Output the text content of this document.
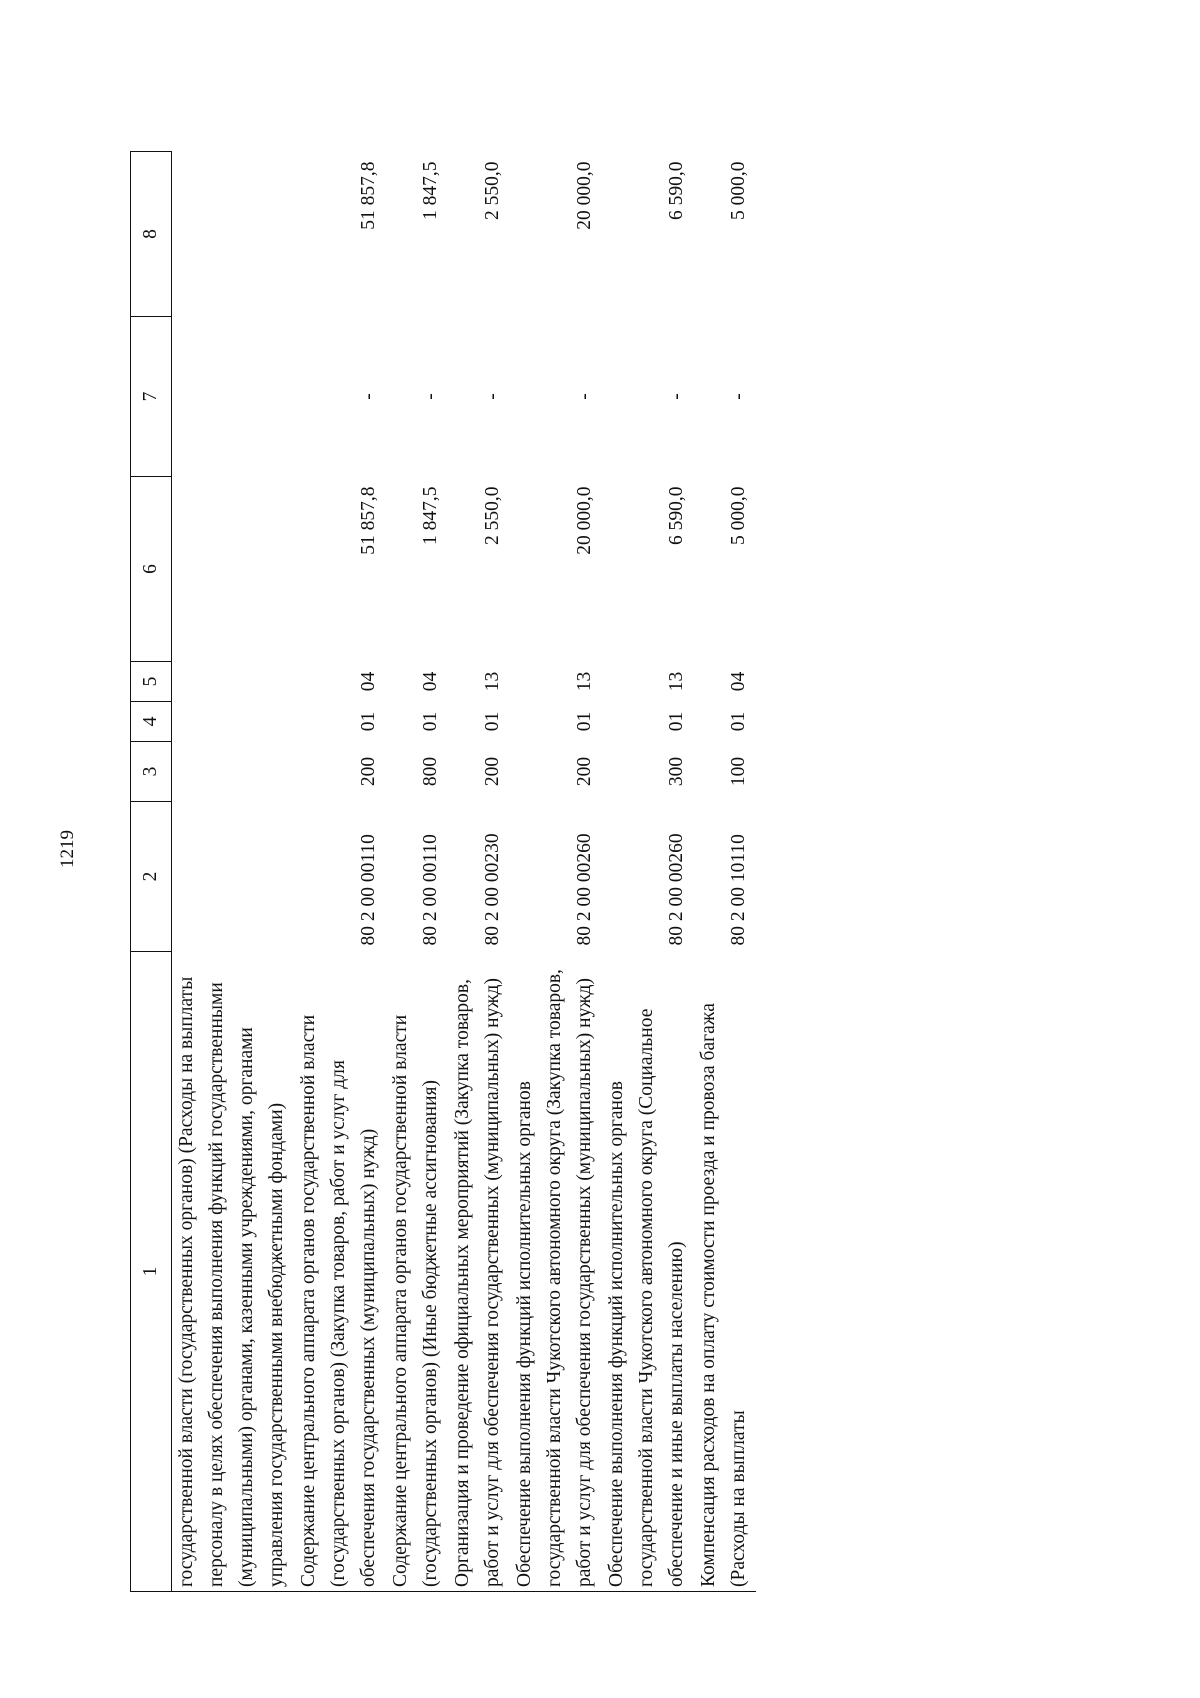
1219
1	2	3	4	5	6	7	8
государственной власти (государственных органов) (Расходы на выплаты персоналу в целях обеспечения выполнения функций государственными (муниципальными) органами, казенными учреждениями, органами управления государственными внебюджетными фондами)							
Содержание центрального аппарата органов государственной власти (государственных органов) (Закупка товаров, работ и услуг для обеспечения государственных (муниципальных) нужд)	80 2 00 00110	200	01	04	51 857,8	-	51 857,8
Содержание центрального аппарата органов государственной власти (государственных органов) (Иные бюджетные ассигнования)	80 2 00 00110	800	01	04	1 847,5	-	1 847,5
Организация и проведение официальных мероприятий (Закупка товаров, работ и услуг для обеспечения государственных (муниципальных) нужд)	80 2 00 00230	200	01	13	2 550,0	-	2 550,0
Обеспечение выполнения функций исполнительных органов государственной власти Чукотского автономного округа (Закупка товаров, работ и услуг для обеспечения государственных (муниципальных) нужд)	80 2 00 00260	200	01	13	20 000,0	-	20 000,0
Обеспечение выполнения функций исполнительных органов государственной власти Чукотского автономного округа (Социальное обеспечение и иные выплаты населению)	80 2 00 00260	300	01	13	6 590,0	-	6 590,0
Компенсация расходов на оплату стоимости проезда и провоза багажа (Расходы на выплаты	80 2 00 10110	100	01	04	5 000,0	-	5 000,0
